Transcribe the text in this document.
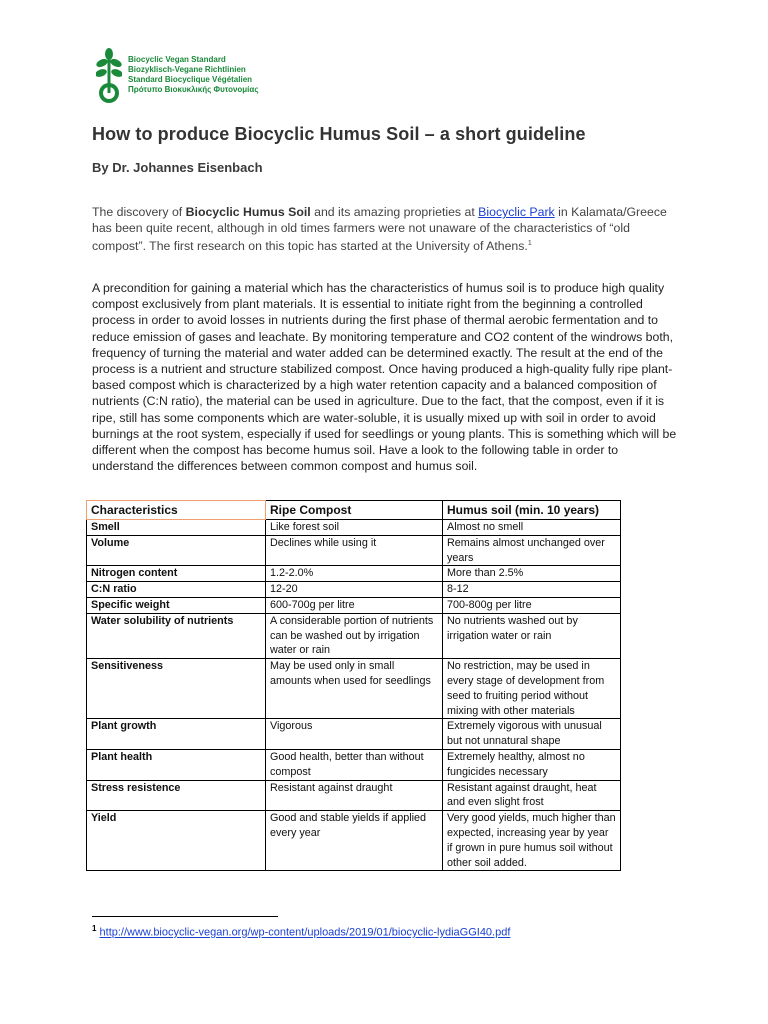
Biocyclic Vegan Standard
Biozyklisch-Vegane Richtlinien
Standard Biocyclique Végétalien
Πρότυπο Βιοκυκλικής Φυτονομίας
How to produce Biocyclic Humus Soil – a short guideline
By Dr. Johannes Eisenbach
The discovery of Biocyclic Humus Soil and its amazing proprieties at Biocyclic Park in Kalamata/Greece has been quite recent, although in old times farmers were not unaware of the characteristics of “old compost”. The first research on this topic has started at the University of Athens.$^1$
A precondition for gaining a material which has the characteristics of humus soil is to produce high quality compost exclusively from plant materials. It is essential to initiate right from the beginning a controlled process in order to avoid losses in nutrients during the first phase of thermal aerobic fermentation and to reduce emission of gases and leachate. By monitoring temperature and CO2 content of the windrows both, frequency of turning the material and water added can be determined exactly. The result at the end of the process is a nutrient and structure stabilized compost. Once having produced a high-quality fully ripe plant-based compost which is characterized by a high water retention capacity and a balanced composition of nutrients (C:N ratio), the material can be used in agriculture. Due to the fact, that the compost, even if it is ripe, still has some components which are water-soluble, it is usually mixed up with soil in order to avoid burnings at the root system, especially if used for seedlings or young plants. This is something which will be different when the compost has become humus soil. Have a look to the following table in order to understand the differences between common compost and humus soil.
Characteristics	Ripe Compost	Humus soil (min. 10 years)
Smell	Like forest soil	Almost no smell
Volume	Declines while using it	Remains almost unchanged over years
Nitrogen content	1.2-2.0%	More than 2.5%
C:N ratio	12-20	8-12
Specific weight	600-700g per litre	700-800g per litre
Water solubility of nutrients	A considerable portion of nutrients can be washed out by irrigation water or rain	No nutrients washed out by irrigation water or rain
Sensitiveness	May be used only in small amounts when used for seedlings	No restriction, may be used in every stage of development from seed to fruiting period without mixing with other materials
Plant growth	Vigorous	Extremely vigorous with unusual but not unnatural shape
Plant health	Good health, better than without compost	Extremely healthy, almost no fungicides necessary
Stress resistence	Resistant against draught	Resistant against draught, heat and even slight frost
Yield	Good and stable yields if applied every year	Very good yields, much higher than expected, increasing year by year if grown in pure humus soil without other soil added.
$^1$ http://www.biocyclic-vegan.org/wp-content/uploads/2019/01/biocyclic-lydiaGGI40.pdf
